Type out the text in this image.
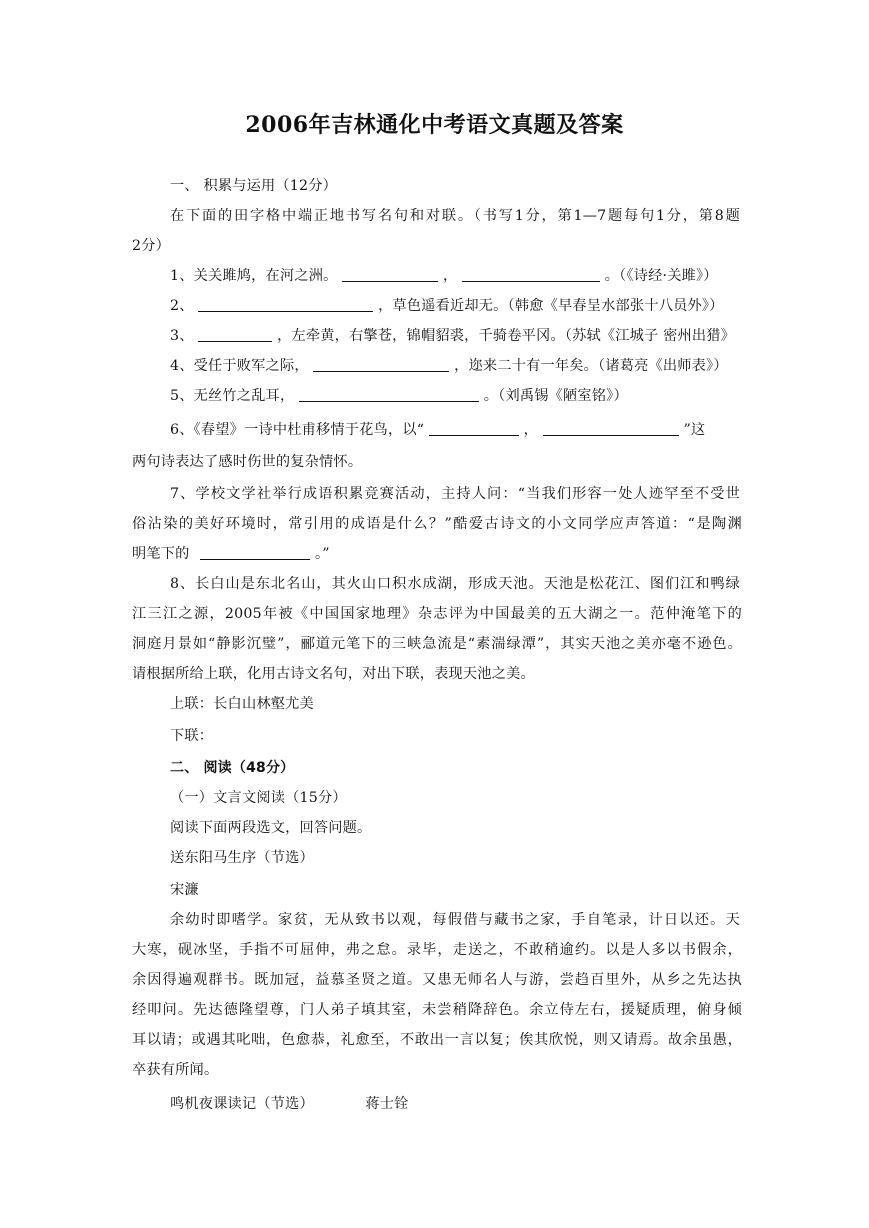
2006年吉林通化中考语文真题及答案
一、 积累与运用（12分）
在下面的田字格中端正地书写名句和对联。（书写1分，第1—7题每句1分，第8题
2分）
1、关关雎鸠，在河之洲。	，	。（《诗经·关雎》）
2、	，草色遥看近却无。（韩愈《早春呈水部张十八员外》）
3、	，左牵黄，右擎苍，锦帽貂裘，千骑卷平冈。（苏轼《江城子 密州出猎》
4、受任于败军之际，	，迩来二十有一年矣。（诸葛亮《出师表》）
5、无丝竹之乱耳，	。（刘禹锡《陋室铭》）
6、《春望》一诗中杜甫移情于花鸟，以“	，	”这
两句诗表达了感时伤世的复杂情怀。
7、学校文学社举行成语积累竞赛活动，主持人问：“当我们形容一处人迹罕至不受世
俗沾染的美好环境时，常引用的成语是什么？”酷爱古诗文的小文同学应声答道：“是陶渊
明笔下的	。”
8、长白山是东北名山，其火山口积水成湖，形成天池。天池是松花江、图们江和鸭绿
江三江之源，2005年被《中国国家地理》杂志评为中国最美的五大湖之一。范仲淹笔下的
洞庭月景如“静影沉璧”，郦道元笔下的三峡急流是“素湍绿潭”，其实天池之美亦毫不逊色。
请根据所给上联，化用古诗文名句，对出下联，表现天池之美。
上联：长白山林壑尤美
下联：
二、 阅读（48分）
（一）文言文阅读（15分）
阅读下面两段选文，回答问题。
送东阳马生序（节选）
宋濂
余幼时即嗜学。家贫，无从致书以观，每假借与藏书之家，手自笔录，计日以还。天
大寒，砚冰坚，手指不可屈伸，弗之怠。录毕，走送之，不敢稍逾约。以是人多以书假余，
余因得遍观群书。既加冠，益慕圣贤之道。又患无师名人与游，尝趋百里外，从乡之先达执
经叩问。先达德隆望尊，门人弟子填其室，未尝稍降辞色。余立侍左右，援疑质理，俯身倾
耳以请；或遇其叱咄，色愈恭，礼愈至，不敢出一言以复；俟其欣悦，则又请焉。故余虽愚，
卒获有所闻。
鸣机夜课读记（节选）	蒋士铨
